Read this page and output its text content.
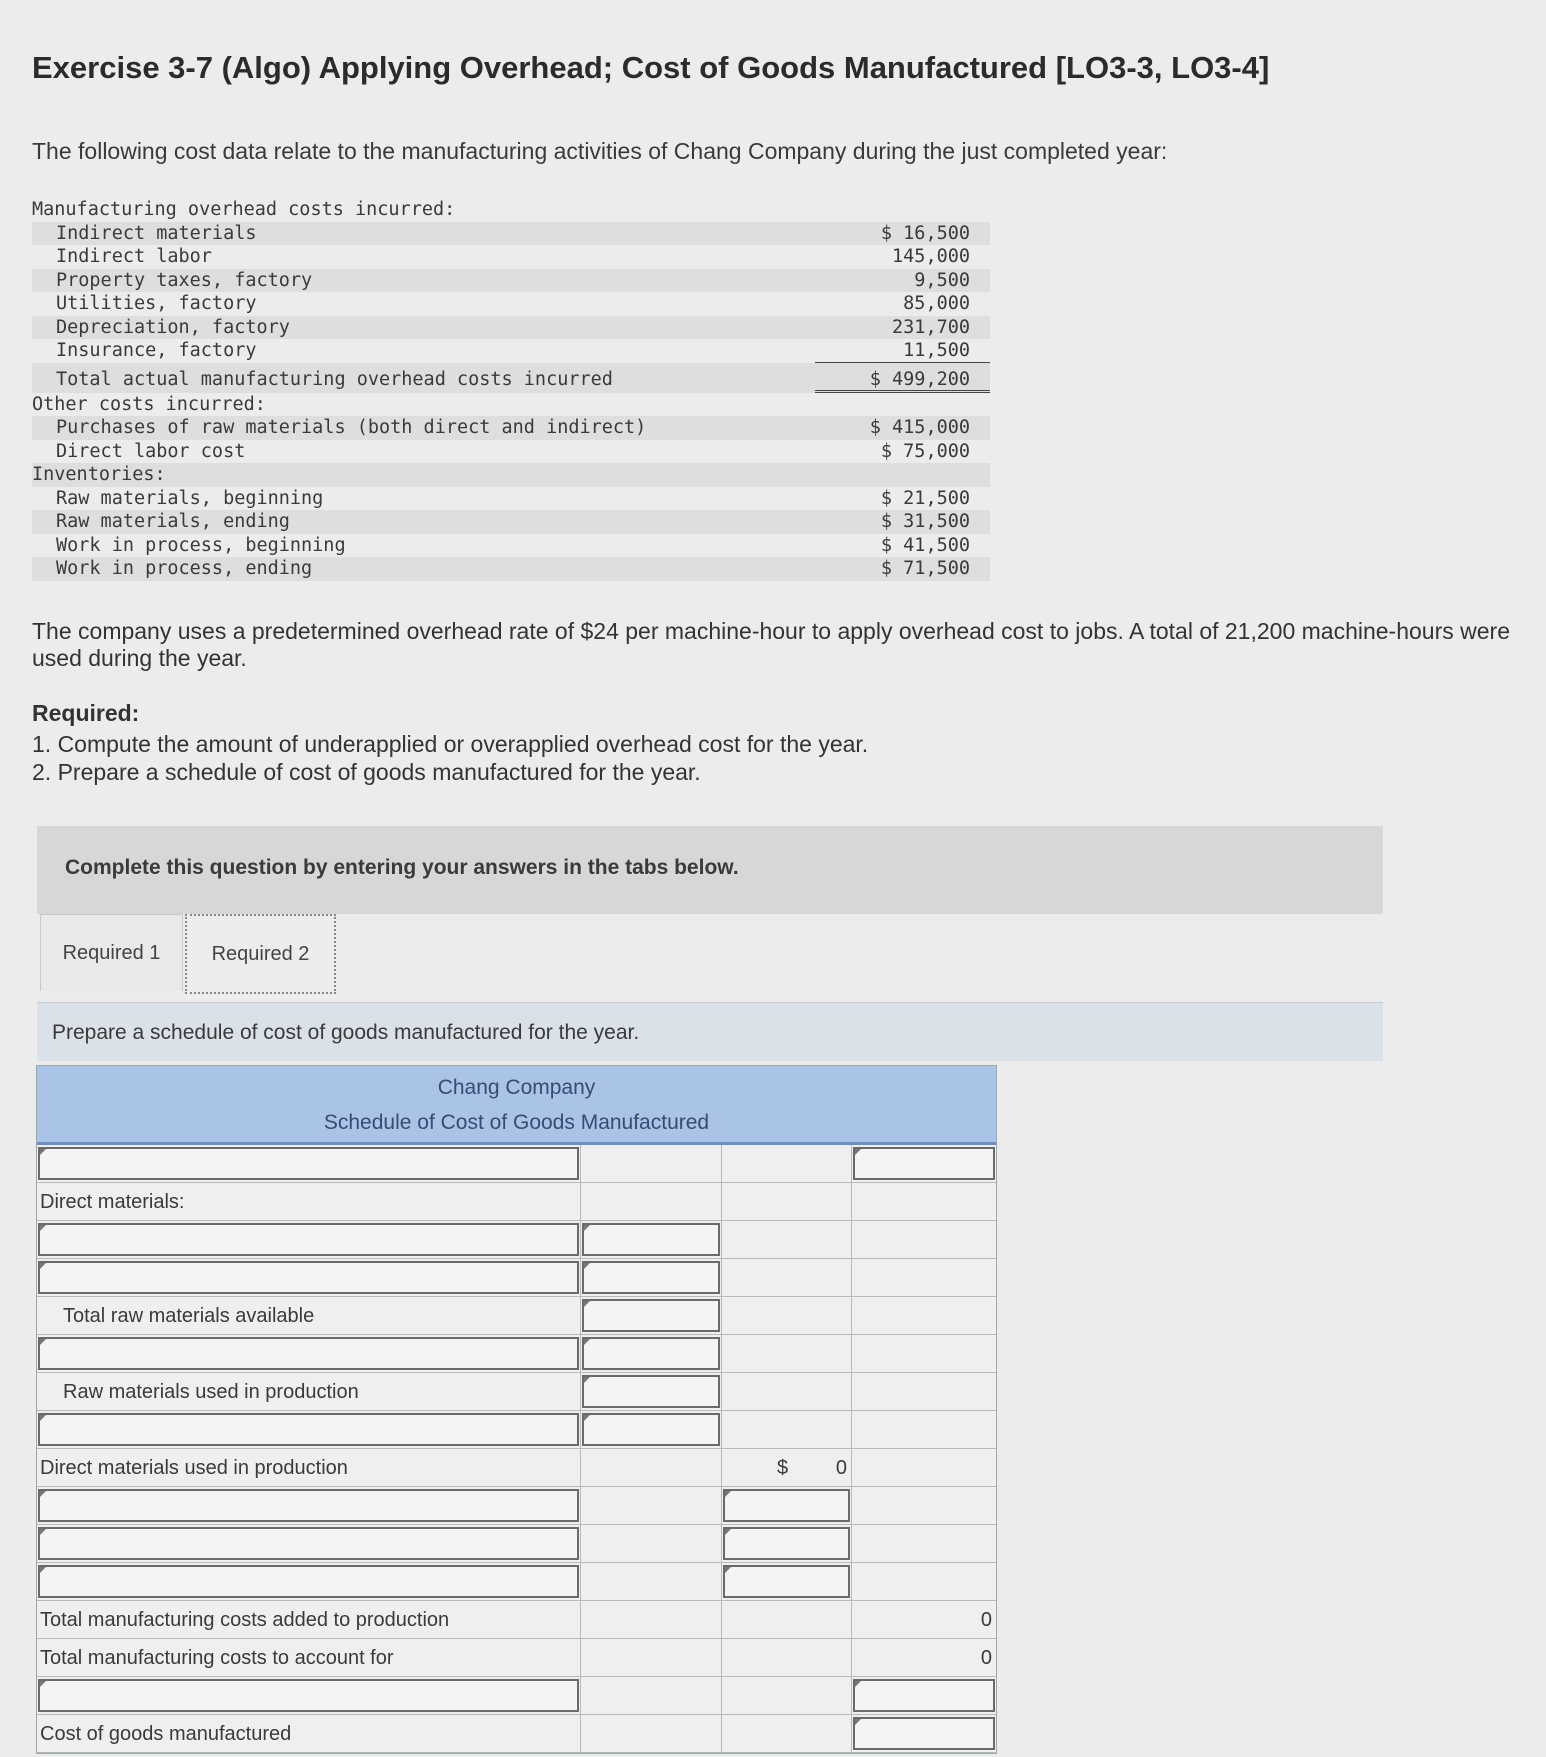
Exercise 3-7 (Algo) Applying Overhead; Cost of Goods Manufactured [LO3-3, LO3-4]
The following cost data relate to the manufacturing activities of Chang Company during the just completed year:
Manufacturing overhead costs incurred:
Indirect materials	$ 16,500
Indirect labor	145,000
Property taxes, factory	9,500
Utilities, factory	85,000
Depreciation, factory	231,700
Insurance, factory	11,500
Total actual manufacturing overhead costs incurred	$ 499,200
Other costs incurred:
Purchases of raw materials (both direct and indirect)	$ 415,000
Direct labor cost	$ 75,000
Inventories:
Raw materials, beginning	$ 21,500
Raw materials, ending	$ 31,500
Work in process, beginning	$ 41,500
Work in process, ending	$ 71,500
The company uses a predetermined overhead rate of $24 per machine-hour to apply overhead cost to jobs. A total of 21,200 machine-hours were used during the year.
Required:
1. Compute the amount of underapplied or overapplied overhead cost for the year.
2. Prepare a schedule of cost of goods manufactured for the year.
Complete this question by entering your answers in the tabs below.
Required 1	Required 2
Prepare a schedule of cost of goods manufactured for the year.
Chang Company
Schedule of Cost of Goods Manufactured
Direct materials:
Total raw materials available
Raw materials used in production
Direct materials used in production	$ 0
Total manufacturing costs added to production	0
Total manufacturing costs to account for	0
Cost of goods manufactured
